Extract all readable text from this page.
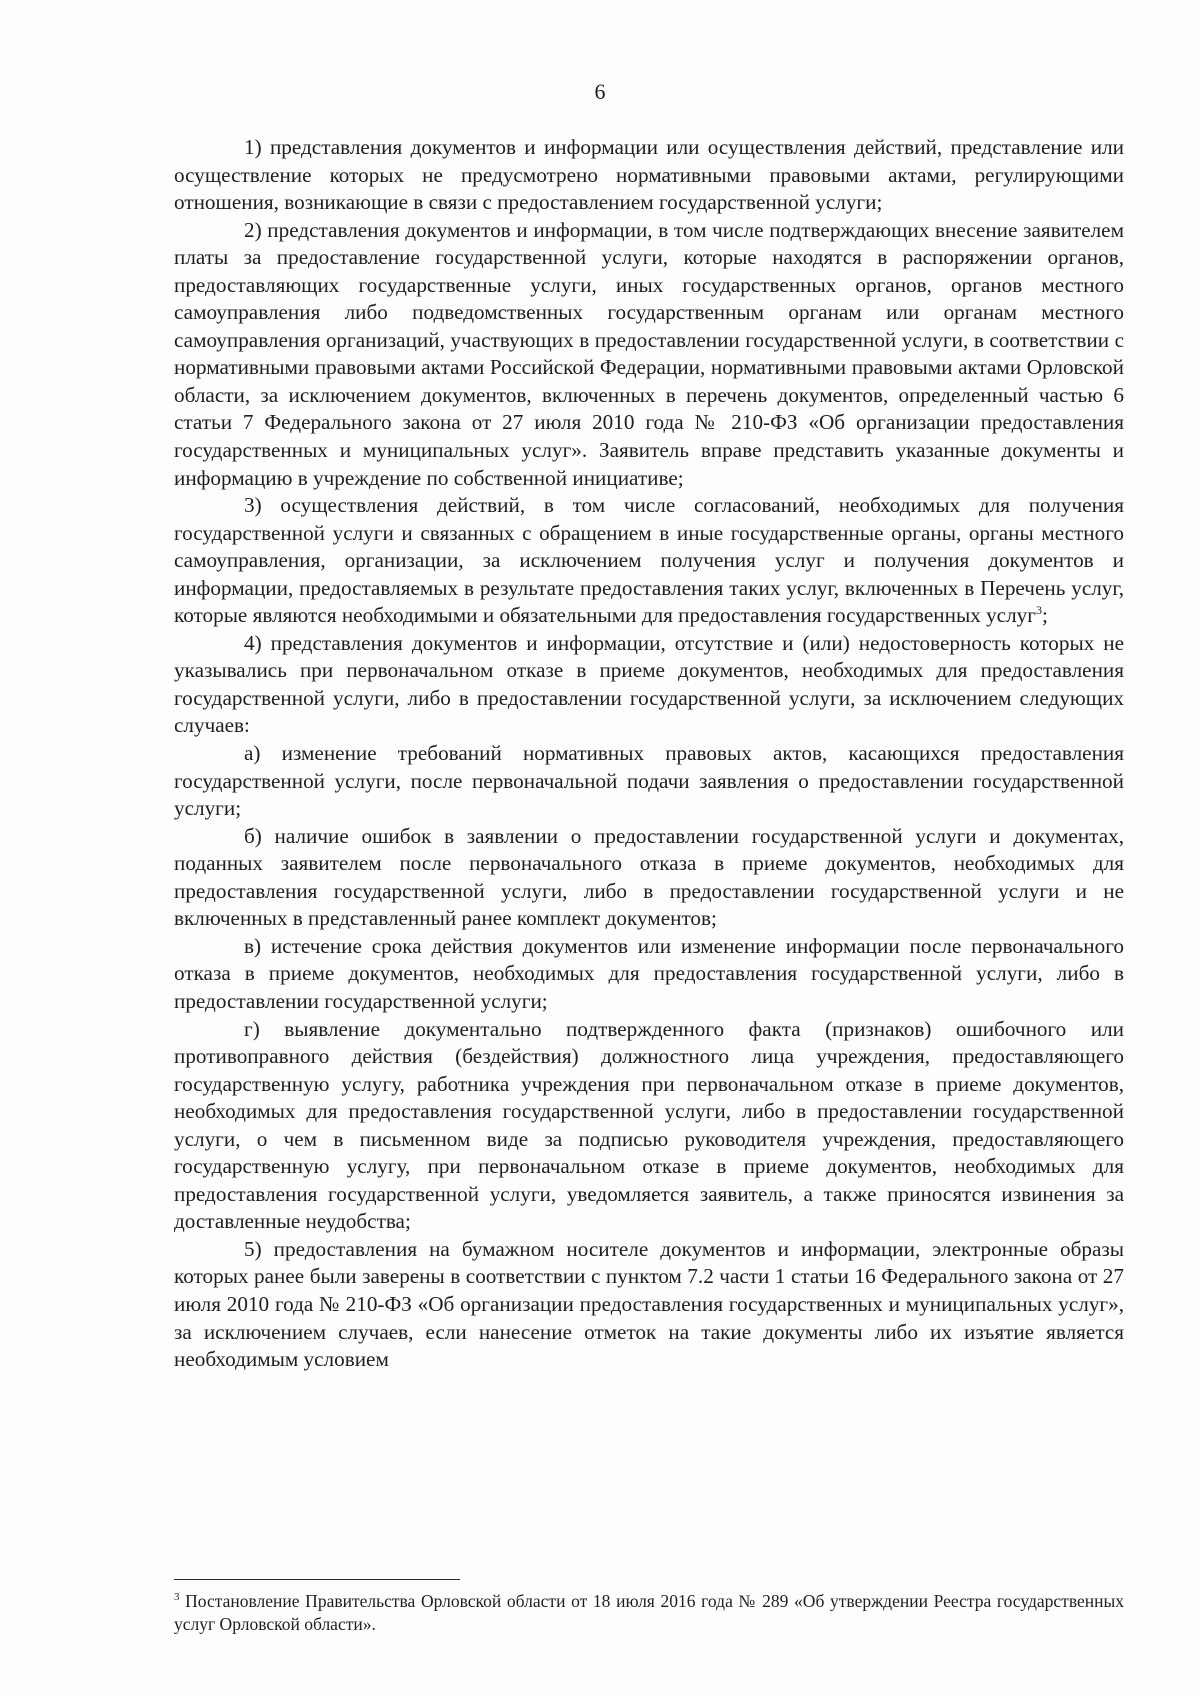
6

1) представления документов и информации или осуществления действий, представление или осуществление которых не предусмотрено нормативными правовыми актами, регулирующими отношения, возникающие в связи с предоставлением государственной услуги;

2) представления документов и информации, в том числе подтверждающих внесение заявителем платы за предоставление государственной услуги, которые находятся в распоряжении органов, предоставляющих государственные услуги, иных государственных органов, органов местного самоуправления либо подведомственных государственным органам или органам местного самоуправления организаций, участвующих в предоставлении государственной услуги, в соответствии с нормативными правовыми актами Российской Федерации, нормативными правовыми актами Орловской области, за исключением документов, включенных в перечень документов, определенный частью 6 статьи 7 Федерального закона от 27 июля 2010 года № 210-ФЗ «Об организации предоставления государственных и муниципальных услуг». Заявитель вправе представить указанные документы и информацию в учреждение по собственной инициативе;

3) осуществления действий, в том числе согласований, необходимых для получения государственной услуги и связанных с обращением в иные государственные органы, органы местного самоуправления, организации, за исключением получения услуг и получения документов и информации, предоставляемых в результате предоставления таких услуг, включенных в Перечень услуг, которые являются необходимыми и обязательными для предоставления государственных услуг$^3$;

4) представления документов и информации, отсутствие и (или) недостоверность которых не указывались при первоначальном отказе в приеме документов, необходимых для предоставления государственной услуги, либо в предоставлении государственной услуги, за исключением следующих случаев:

а) изменение требований нормативных правовых актов, касающихся предоставления государственной услуги, после первоначальной подачи заявления о предоставлении государственной услуги;

б) наличие ошибок в заявлении о предоставлении государственной услуги и документах, поданных заявителем после первоначального отказа в приеме документов, необходимых для предоставления государственной услуги, либо в предоставлении государственной услуги и не включенных в представленный ранее комплект документов;

в) истечение срока действия документов или изменение информации после первоначального отказа в приеме документов, необходимых для предоставления государственной услуги, либо в предоставлении государственной услуги;

г) выявление документально подтвержденного факта (признаков) ошибочного или противоправного действия (бездействия) должностного лица учреждения, предоставляющего государственную услугу, работника учреждения при первоначальном отказе в приеме документов, необходимых для предоставления государственной услуги, либо в предоставлении государственной услуги, о чем в письменном виде за подписью руководителя учреждения, предоставляющего государственную услугу, при первоначальном отказе в приеме документов, необходимых для предоставления государственной услуги, уведомляется заявитель, а также приносятся извинения за доставленные неудобства;

5) предоставления на бумажном носителе документов и информации, электронные образы которых ранее были заверены в соответствии с пунктом 7.2 части 1 статьи 16 Федерального закона от 27 июля 2010 года № 210-ФЗ «Об организации предоставления государственных и муниципальных услуг», за исключением случаев, если нанесение отметок на такие документы либо их изъятие является необходимым условием

$^3$ Постановление Правительства Орловской области от 18 июля 2016 года № 289 «Об утверждении Реестра государственных услуг Орловской области».
